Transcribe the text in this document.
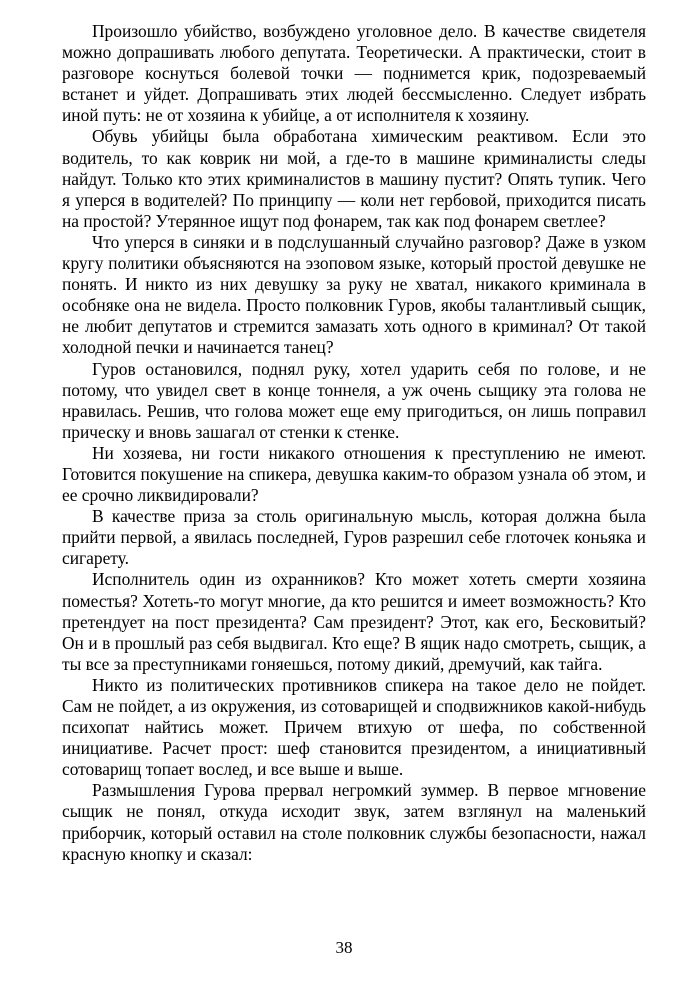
Произошло убийство, возбуждено уголовное дело. В качестве свидетеля можно допрашивать любого депутата. Теоретически. А практически, стоит в разговоре коснуться болевой точки — поднимется крик, подозреваемый встанет и уйдет. Допрашивать этих людей бессмысленно. Следует избрать иной путь: не от хозяина к убийце, а от исполнителя к хозяину.

Обувь убийцы была обработана химическим реактивом. Если это водитель, то как коврик ни мой, а где-то в машине криминалисты следы найдут. Только кто этих криминалистов в машину пустит? Опять тупик. Чего я уперся в водителей? По принципу — коли нет гербовой, приходится писать на простой? Утерянное ищут под фонарем, так как под фонарем светлее?

Что уперся в синяки и в подслушанный случайно разговор? Даже в узком кругу политики объясняются на эзоповом языке, который простой девушке не понять. И никто из них девушку за руку не хватал, никакого криминала в особняке она не видела. Просто полковник Гуров, якобы талантливый сыщик, не любит депутатов и стремится замазать хоть одного в криминал? От такой холодной печки и начинается танец?

Гуров остановился, поднял руку, хотел ударить себя по голове, и не потому, что увидел свет в конце тоннеля, а уж очень сыщику эта голова не нравилась. Решив, что голова может еще ему пригодиться, он лишь поправил прическу и вновь зашагал от стенки к стенке.

Ни хозяева, ни гости никакого отношения к преступлению не имеют. Готовится покушение на спикера, девушка каким-то образом узнала об этом, и ее срочно ликвидировали?

В качестве приза за столь оригинальную мысль, которая должна была прийти первой, а явилась последней, Гуров разрешил себе глоточек коньяка и сигарету.

Исполнитель один из охранников? Кто может хотеть смерти хозяина поместья? Хотеть-то могут многие, да кто решится и имеет возможность? Кто претендует на пост президента? Сам президент? Этот, как его, Бесковитый? Он и в прошлый раз себя выдвигал. Кто еще? В ящик надо смотреть, сыщик, а ты все за преступниками гоняешься, потому дикий, дремучий, как тайга.

Никто из политических противников спикера на такое дело не пойдет. Сам не пойдет, а из окружения, из сотоварищей и сподвижников какой-нибудь психопат найтись может. Причем втихую от шефа, по собственной инициативе. Расчет прост: шеф становится президентом, а инициативный сотоварищ топает вослед, и все выше и выше.

Размышления Гурова прервал негромкий зуммер. В первое мгновение сыщик не понял, откуда исходит звук, затем взглянул на маленький приборчик, который оставил на столе полковник службы безопасности, нажал красную кнопку и сказал:

38
